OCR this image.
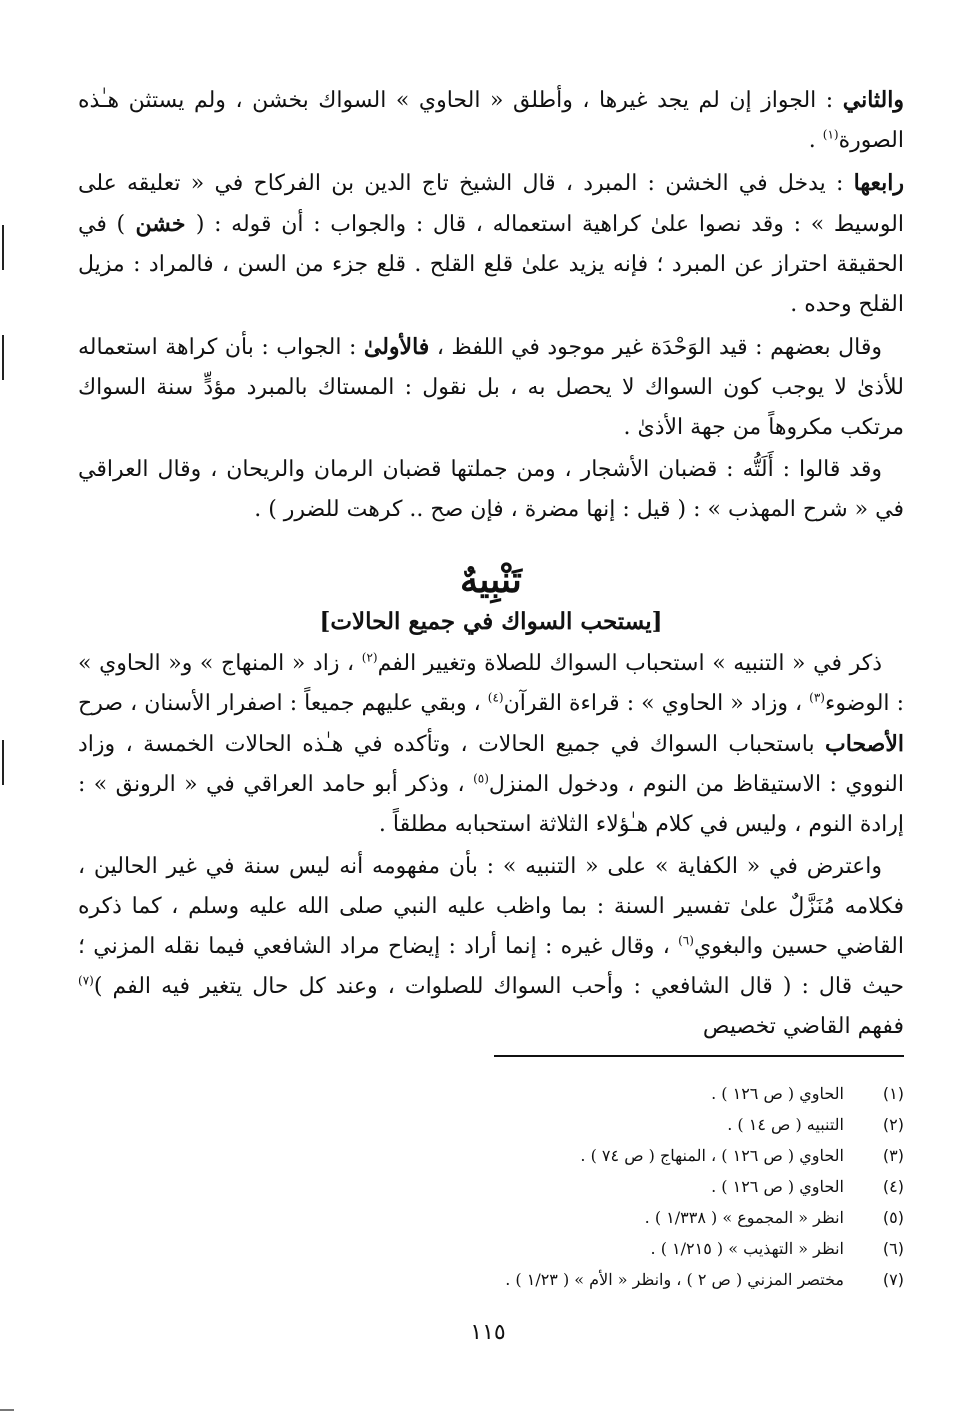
والثاني : الجواز إن لم يجد غيرها ، وأطلق « الحاوي » السواك بخشن ، ولم يستثن هـٰذه الصورة$^{(١)}$ .

رابعها : يدخل في الخشن : المبرد ، قال الشيخ تاج الدين بن الفركاح في « تعليقه على الوسيط » : وقد نصوا علىٰ كراهية استعماله ، قال : والجواب : أن قوله : ( خشن ) في الحقيقة احتراز عن المبرد ؛ فإنه يزيد علىٰ قلع القلح . قلع جزء من السن ، فالمراد : مزيل القلح وحده .

وقال بعضهم : قيد الوَحْدَة غير موجود في اللفظ ، فالأولىٰ : الجواب : بأن كراهة استعماله للأذىٰ لا يوجب كون السواك لا يحصل به ، بل نقول : المستاك بالمبرد مؤدٍّ سنة السواك مرتكب مكروهاً من جهة الأذىٰ .

وقد قالوا : أَلَتُّه : قضبان الأشجار ، ومن جملتها قضبان الرمان والريحان ، وقال العراقي في « شرح المهذب » : ( قيل : إنها مضرة ، فإن صح .. كرهت للضرر ) .

تَنْبِيهٌ
[يستحب السواك في جميع الحالات]

ذكر في « التنبيه » استحباب السواك للصلاة وتغيير الفم$^{(٢)}$ ، زاد « المنهاج » و« الحاوي » : الوضوء$^{(٣)}$ ، وزاد « الحاوي » : قراءة القرآن$^{(٤)}$ ، وبقي عليهم جميعاً : اصفرار الأسنان ، صرح الأصحاب باستحباب السواك في جميع الحالات ، وتأكده في هـٰذه الحالات الخمسة ، وزاد النووي : الاستيقاظ من النوم ، ودخول المنزل$^{(٥)}$ ، وذكر أبو حامد العراقي في « الرونق » : إرادة النوم ، وليس في كلام هـٰؤلاء الثلاثة استحبابه مطلقاً .

واعترض في « الكفاية » على « التنبيه » : بأن مفهومه أنه ليس سنة في غير الحالين ، فكلامه مُنَزَّلٌ علىٰ تفسير السنة : بما واظب عليه النبي صلى الله عليه وسلم ، كما ذكره القاضي حسين والبغوي$^{(٦)}$ ، وقال غيره : إنما أراد : إيضاح مراد الشافعي فيما نقله المزني ؛ حيث قال : ( قال الشافعي : وأحب السواك للصلوات ، وعند كل حال يتغير فيه الفم )$^{(٧)}$ ففهم القاضي تخصيص

(١)
الحاوي ( ص ١٢٦ ) .
(٢)
التنبيه ( ص ١٤ ) .
(٣)
الحاوي ( ص ١٢٦ ) ، المنهاج ( ص ٧٤ ) .
(٤)
الحاوي ( ص ١٢٦ ) .
(٥)
انظر « المجموع » ( ١/٣٣٨ ) .
(٦)
انظر « التهذيب » ( ١/٢١٥ ) .
(٧)
مختصر المزني ( ص ٢ ) ، وانظر « الأم » ( ١/٢٣ ) .
١١٥
